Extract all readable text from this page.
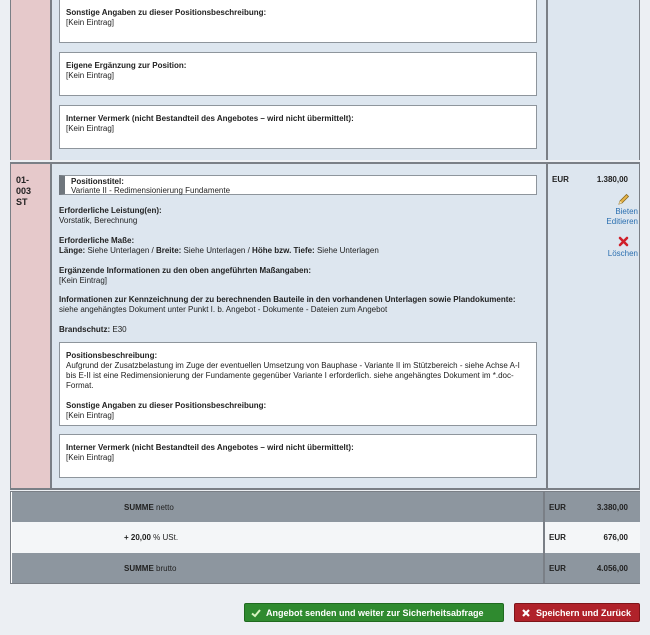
Sonstige Angaben zu dieser Positionsbeschreibung:
[Kein Eintrag]
Eigene Ergänzung zur Position:
[Kein Eintrag]
Interner Vermerk (nicht Bestandteil des Angebotes – wird nicht übermittelt):
[Kein Eintrag]
01-
003
ST
Positionstitel:
Variante II - Redimensionierung Fundamente
Erforderliche Leistung(en):
Vorstatik, Berechnung
Erforderliche Maße:
Länge: Siehe Unterlagen / Breite: Siehe Unterlagen / Höhe bzw. Tiefe: Siehe Unterlagen
Ergänzende Informationen zu den oben angeführten Maßangaben:
[Kein Eintrag]
Informationen zur Kennzeichnung der zu berechnenden Bauteile in den vorhandenen Unterlagen sowie Plandokumente:
siehe angehängtes Dokument unter Punkt I. b. Angebot - Dokumente - Dateien zum Angebot
Brandschutz: E30
Positionsbeschreibung:
Aufgrund der Zusatzbelastung im Zuge der eventuellen Umsetzung von Bauphase - Variante II im Stützbereich - siehe Achse A-I bis E-II ist eine Redimensionierung der Fundamente gegenüber Variante I erforderlich. siehe angehängtes Dokument im *.doc-Format.
Sonstige Angaben zu dieser Positionsbeschreibung:
[Kein Eintrag]
Interner Vermerk (nicht Bestandteil des Angebotes – wird nicht übermittelt):
[Kein Eintrag]
EUR	1.380,00
Bieten
Editieren
Löschen
SUMME netto	EUR	3.380,00
+ 20,00 % USt.	EUR	676,00
SUMME brutto	EUR	4.056,00
Angebot senden und weiter zur Sicherheitsabfrage	Speichern und Zurück
